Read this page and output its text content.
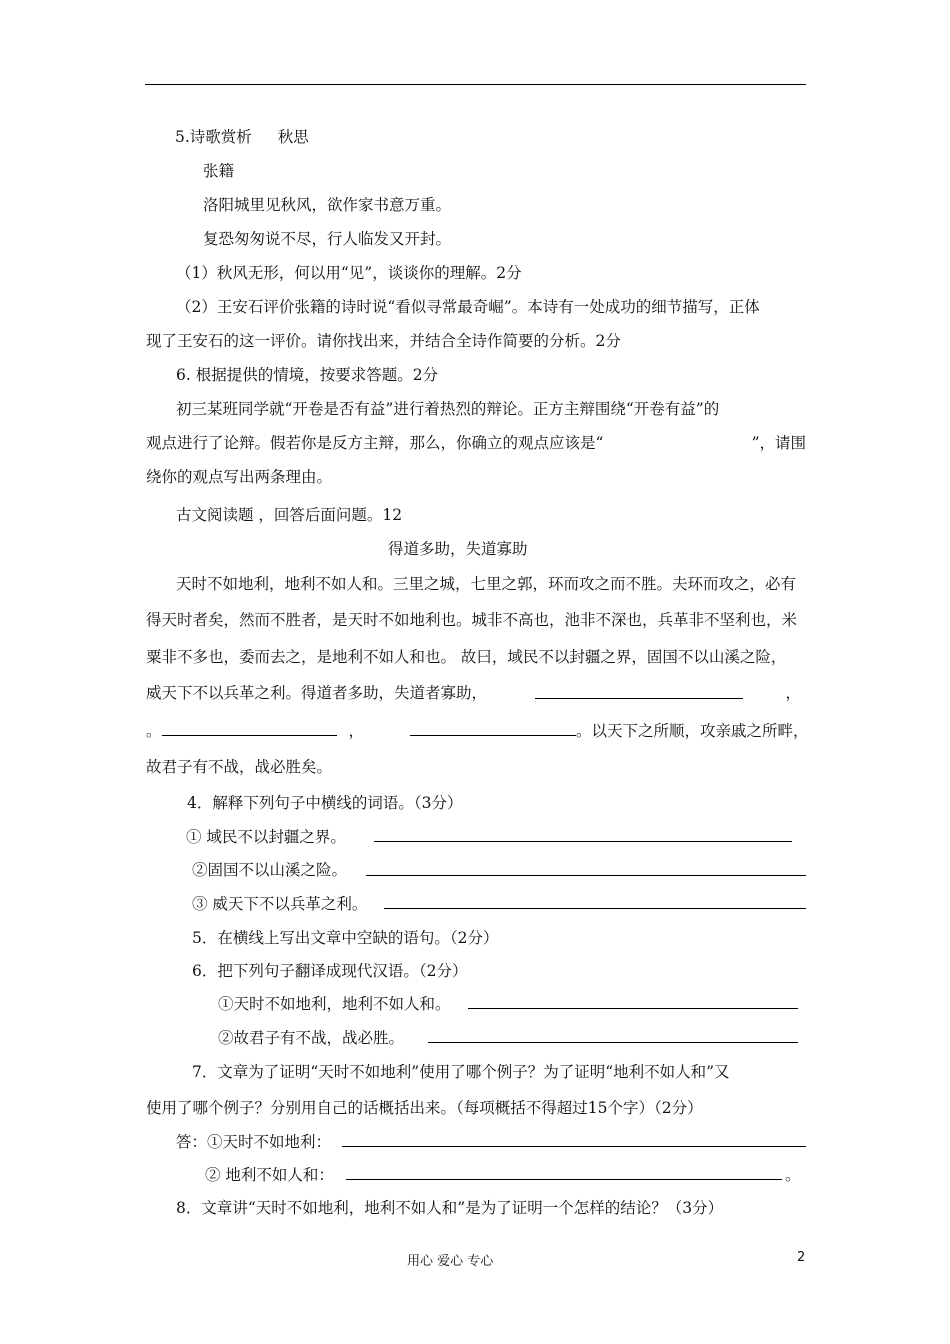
5.诗歌赏析 秋思
张籍
洛阳城里见秋风，欲作家书意万重。
复恐匆匆说不尽，行人临发又开封。
（1）秋风无形，何以用“见”，谈谈你的理解。2分
（2）王安石评价张籍的诗时说“看似寻常最奇崛”。本诗有一处成功的细节描写，正体
现了王安石的这一评价。请你找出来，并结合全诗作简要的分析。2分
6. 根据提供的情境，按要求答题。2分
初三某班同学就“开卷是否有益”进行着热烈的辩论。正方主辩围绕“开卷有益”的
观点进行了论辩。假若你是反方主辩，那么，你确立的观点应该是“	”，请围
绕你的观点写出两条理由。
古文阅读题 ，回答后面问题。12
得道多助，失道寡助
天时不如地利，地利不如人和。三里之城，七里之郭，环而攻之而不胜。夫环而攻之，必有
得天时者矣，然而不胜者，是天时不如地利也。城非不高也，池非不深也，兵革非不坚利也，米
粟非不多也，委而去之，是地利不如人和也。 故曰，域民不以封疆之界，固国不以山溪之险，
威天下不以兵革之利。得道者多助，失道者寡助，	，
。	，	。以天下之所顺，攻亲戚之所畔，
故君子有不战，战必胜矣。
4．解释下列句子中横线的词语。（3分）
① 域民不以封疆之界。
②固国不以山溪之险。
③ 威天下不以兵革之利。
5．在横线上写出文章中空缺的语句。（2分）
6．把下列句子翻译成现代汉语。（2分）
①天时不如地利，地利不如人和。
②故君子有不战，战必胜。
7．文章为了证明“天时不如地利”使用了哪个例子？为了证明“地利不如人和”又
使用了哪个例子？分别用自己的话概括出来。（每项概括不得超过15个字）（2分）
答：①天时不如地利：
② 地利不如人和：	。
8．文章讲“天时不如地利，地利不如人和”是为了证明一个怎样的结论？（3分）
用心 爱心 专心	2
